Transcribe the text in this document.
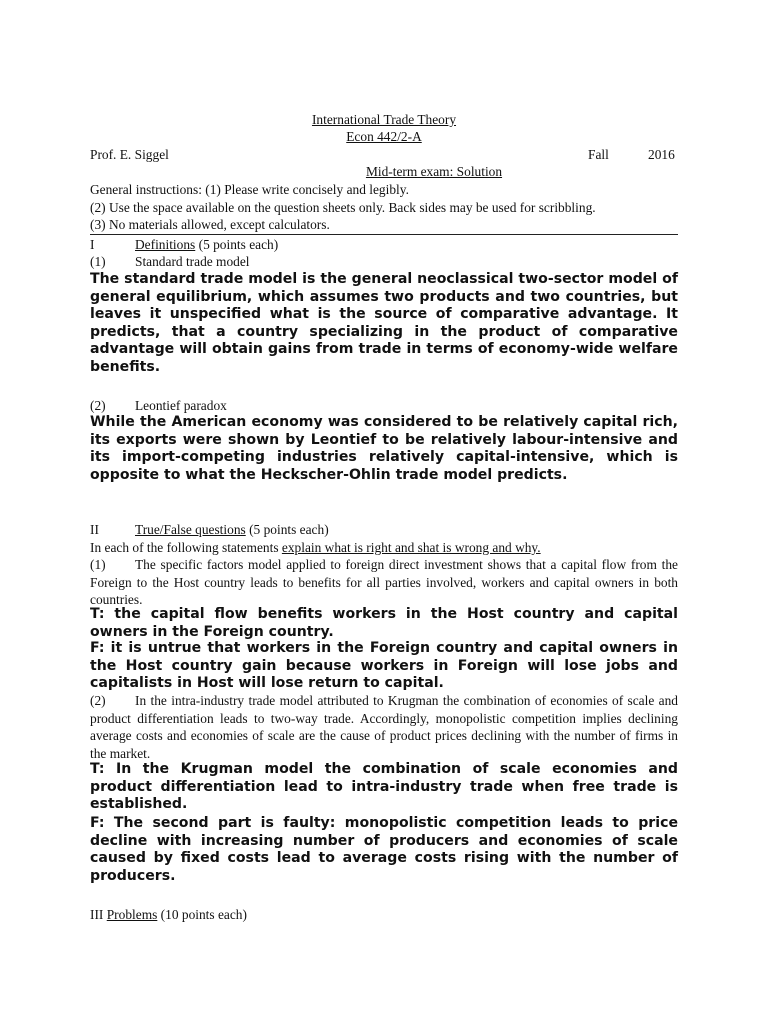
International Trade Theory
Econ 442/2-A
Prof. E. Siggel	Fall	2016
Mid-term exam: Solution
General instructions: (1) Please write concisely and legibly.
(2) Use the space available on the question sheets only. Back sides may be used for scribbling.
(3) No materials allowed, except calculators.
I	Definitions (5 points each)
(1) Standard trade model
The standard trade model is the general neoclassical two-sector model of general equilibrium, which assumes two products and two countries, but leaves it unspecified what is the source of comparative advantage. It predicts, that a country specializing in the product of comparative advantage will obtain gains from trade in terms of economy-wide welfare benefits.
(2) Leontief paradox
While the American economy was considered to be relatively capital rich, its exports were shown by Leontief to be relatively labour-intensive and its import-competing industries relatively capital-intensive, which is opposite to what the Heckscher-Ohlin trade model predicts.
II	True/False questions (5 points each)
In each of the following statements explain what is right and shat is wrong and why.
(1) The specific factors model applied to foreign direct investment shows that a capital flow from the Foreign to the Host country leads to benefits for all parties involved, workers and capital owners in both countries.
T: the capital flow benefits workers in the Host country and capital owners in the Foreign country.
F: it is untrue that workers in the Foreign country and capital owners in the Host country gain because workers in Foreign will lose jobs and capitalists in Host will lose return to capital.
(2) In the intra-industry trade model attributed to Krugman the combination of economies of scale and product differentiation leads to two-way trade. Accordingly, monopolistic competition implies declining average costs and economies of scale are the cause of product prices declining with the number of firms in the market.
T: In the Krugman model the combination of scale economies and product differentiation lead to intra-industry trade when free trade is established.
F: The second part is faulty: monopolistic competition leads to price decline with increasing number of producers and economies of scale caused by fixed costs lead to average costs rising with the number of producers.
III Problems (10 points each)
